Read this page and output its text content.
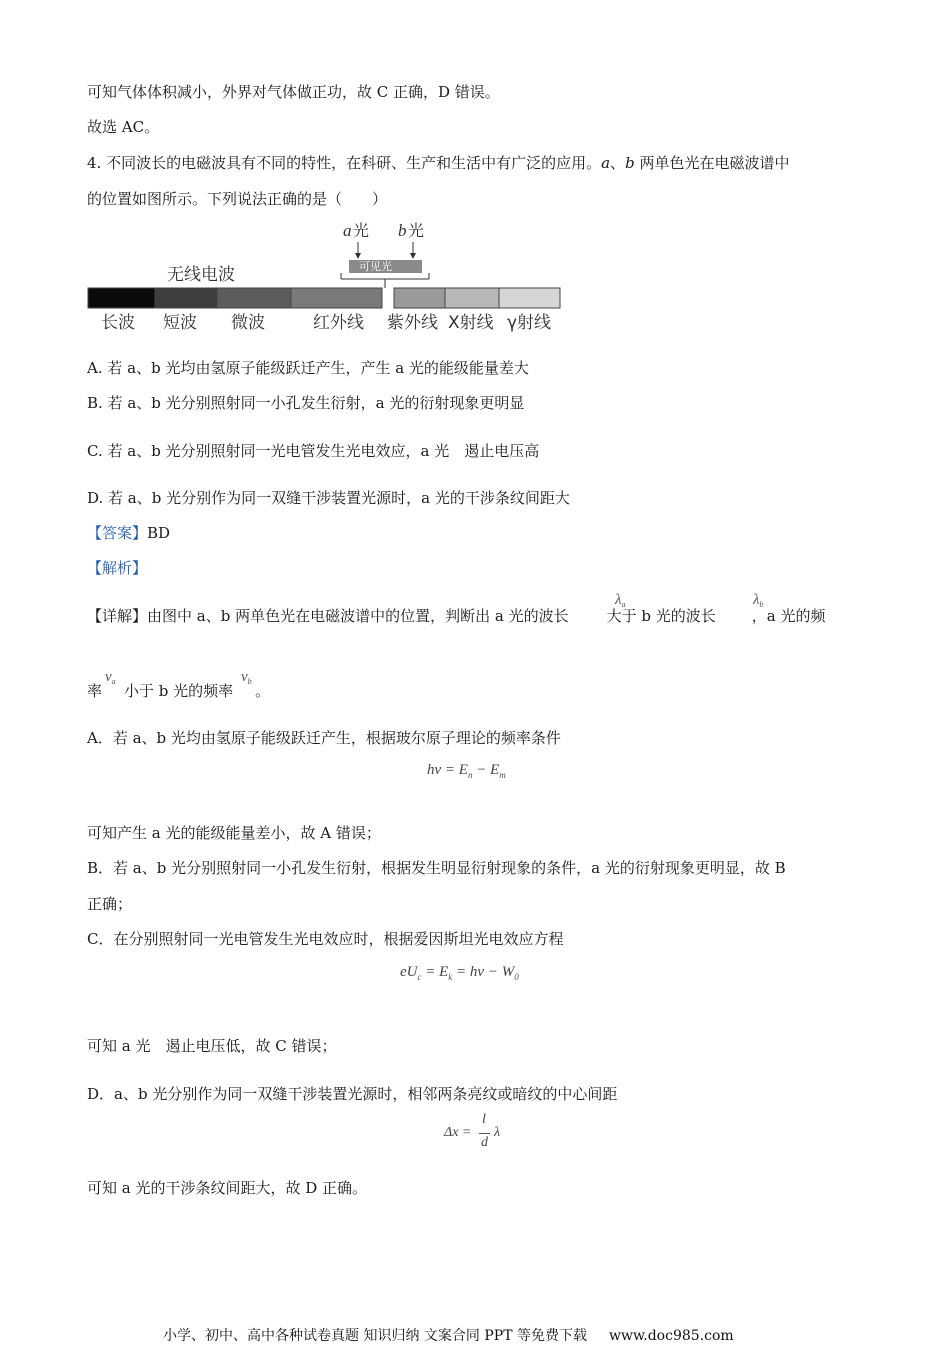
可知气体体积减小，外界对气体做正功，故 C 正确，D 错误。
故选 AC。
4. 不同波长的电磁波具有不同的特性，在科研、生产和生活中有广泛的应用。a、b 两单色光在电磁波谱中
的位置如图所示。下列说法正确的是（　　）
a 光 b 光
可见光
无线电波
长波 短波 微波	红外线 紫外线 X射线 γ射线
A. 若 a、b 光均由氢原子能级跃迁产生，产生 a 光的能级能量差大
B. 若 a、b 光分别照射同一小孔发生衍射，a 光的衍射现象更明显
C. 若 a、b 光分别照射同一光电管发生光电效应，a 光　遏止电压高
D. 若 a、b 光分别作为同一双缝干涉装置光源时，a 光的干涉条纹间距大
【答案】BD
【解析】
【详解】由图中 a、b 两单色光在电磁波谱中的位置，判断出 a 光的波长	大于 b 光的波长 ，a 光的频
$\lambda_a$	$\lambda_b$
率 小于 b 光的频率 。
$\nu_a$	$\nu_b$
A．若 a、b 光均由氢原子能级跃迁产生，根据玻尔原子理论的频率条件
$h\nu = E_n - E_m$
可知产生 a 光的能级能量差小，故 A 错误；
B．若 a、b 光分别照射同一小孔发生衍射，根据发生明显衍射现象的条件，a 光的衍射现象更明显，故 B
正确；
C．在分别照射同一光电管发生光电效应时，根据爱因斯坦光电效应方程
$eU_c = E_k = h\nu - W_0$
可知 a 光　遏止电压低，故 C 错误；
D．a、b 光分别作为同一双缝干涉装置光源时，相邻两条亮纹或暗纹的中心间距
Δx =
l
d
λ
可知 a 光的干涉条纹间距大，故 D 正确。
小学、初中、高中各种试卷真题 知识归纳 文案合同 PPT 等免费下载 www.doc985.com
